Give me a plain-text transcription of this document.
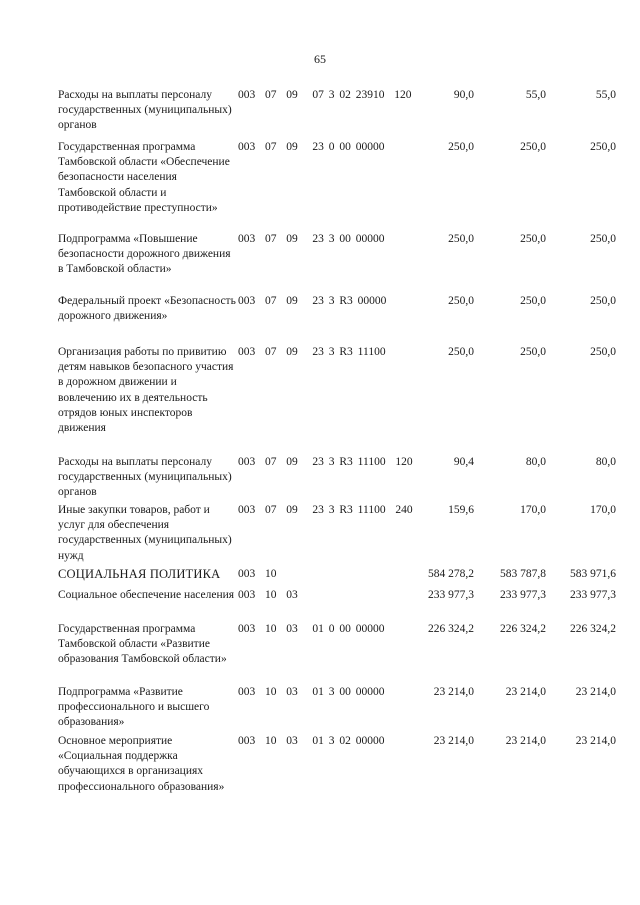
65
Расходы на выплаты персоналу государственных (муниципальных) органов
003  07  09   07 3 02 23910  120	90,0	55,0	55,0
Государственная программа Тамбовской области «Обеспечение безопасности населения Тамбовской области и противодействие преступности»
003  07  09   23 0 00 00000	250,0	250,0	250,0
Подпрограмма «Повышение безопасности дорожного движения в Тамбовской области»
003  07  09   23 3 00 00000	250,0	250,0	250,0
Федеральный проект «Безопасность дорожного движения»
003  07  09   23 3 R3 00000	250,0	250,0	250,0
Организация работы по привитию детям навыков безопасного участия в дорожном движении и вовлечению их в деятельность отрядов юных инспекторов движения
003  07  09   23 3 R3 11100	250,0	250,0	250,0
Расходы на выплаты персоналу государственных (муниципальных) органов
003  07  09   23 3 R3 11100  120	90,4	80,0	80,0
Иные закупки товаров, работ и услуг для обеспечения государственных (муниципальных) нужд
003  07  09   23 3 R3 11100  240	159,6	170,0	170,0
СОЦИАЛЬНАЯ ПОЛИТИКА	003  10	584 278,2	583 787,8	583 971,6
Социальное обеспечение населения 003  10  03	233 977,3	233 977,3	233 977,3
Государственная программа Тамбовской области «Развитие образования Тамбовской области»
003  10  03   01 0 00 00000	226 324,2	226 324,2	226 324,2
Подпрограмма «Развитие профессионального и высшего образования»
003  10  03   01 3 00 00000	23 214,0	23 214,0	23 214,0
Основное мероприятие «Социальная поддержка обучающихся в организациях профессионального образования»
003  10  03   01 3 02 00000	23 214,0	23 214,0	23 214,0
